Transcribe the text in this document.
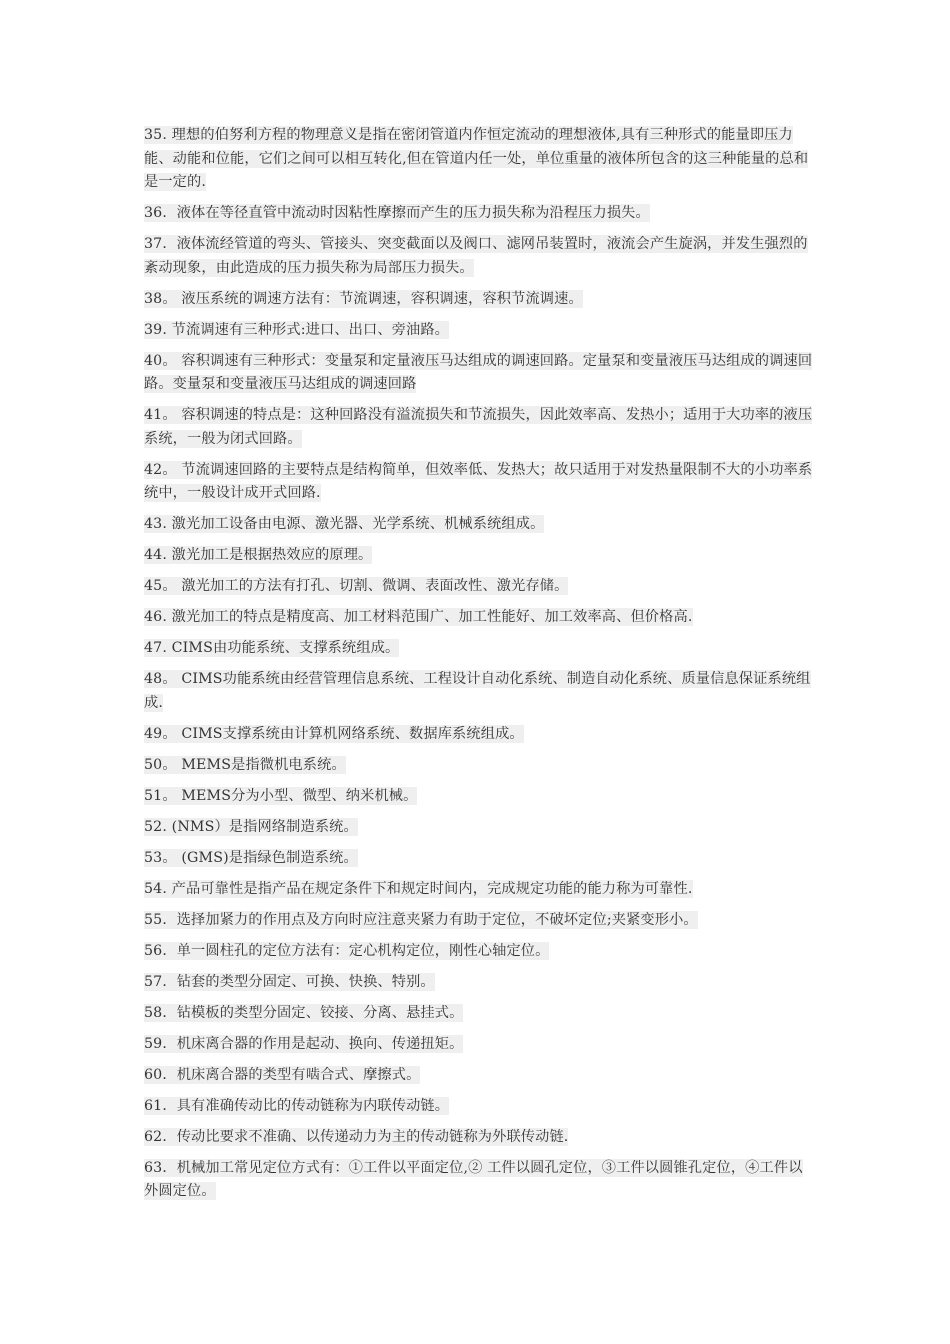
35. 理想的伯努利方程的物理意义是指在密闭管道内作恒定流动的理想液体,具有三种形式的能量即压力能、动能和位能，它们之间可以相互转化,但在管道内任一处，单位重量的液体所包含的这三种能量的总和是一定的.

36．液体在等径直管中流动时因粘性摩擦而产生的压力损失称为沿程压力损失。

37．液体流经管道的弯头、管接头、突变截面以及阀口、滤网吊装置时，液流会产生旋涡，并发生强烈的紊动现象，由此造成的压力损失称为局部压力损失。

38。 液压系统的调速方法有：节流调速，容积调速，容积节流调速。

39. 节流调速有三种形式:进口、出口、旁油路。

40。 容积调速有三种形式：变量泵和定量液压马达组成的调速回路。定量泵和变量液压马达组成的调速回路。变量泵和变量液压马达组成的调速回路

41。 容积调速的特点是：这种回路没有溢流损失和节流损失，因此效率高、发热小；适用于大功率的液压系统，一般为闭式回路。

42。 节流调速回路的主要特点是结构简单，但效率低、发热大；故只适用于对发热量限制不大的小功率系统中，一般设计成开式回路.

43. 激光加工设备由电源、激光器、光学系统、机械系统组成。

44. 激光加工是根据热效应的原理。

45。 激光加工的方法有打孔、切割、微调、表面改性、激光存储。

46. 激光加工的特点是精度高、加工材料范围广、加工性能好、加工效率高、但价格高.

47. CIMS由功能系统、支撑系统组成。

48。 CIMS功能系统由经营管理信息系统、工程设计自动化系统、制造自动化系统、质量信息保证系统组成.

49。 CIMS支撑系统由计算机网络系统、数据库系统组成。

50。 MEMS是指微机电系统。

51。 MEMS分为小型、微型、纳米机械。

52. (NMS）是指网络制造系统。

53。 (GMS)是指绿色制造系统。

54. 产品可靠性是指产品在规定条件下和规定时间内，完成规定功能的能力称为可靠性.

55．选择加紧力的作用点及方向时应注意夹紧力有助于定位，不破坏定位;夹紧变形小。

56．单一圆柱孔的定位方法有：定心机构定位，刚性心轴定位。

57．钻套的类型分固定、可换、快换、特别。

58．钻模板的类型分固定、铰接、分离、悬挂式。

59．机床离合器的作用是起动、换向、传递扭矩。

60．机床离合器的类型有啮合式、摩擦式。

61．具有准确传动比的传动链称为内联传动链。

62．传动比要求不准确、以传递动力为主的传动链称为外联传动链.

63．机械加工常见定位方式有：①工件以平面定位,② 工件以圆孔定位，③工件以圆锥孔定位，④工件以外圆定位。
